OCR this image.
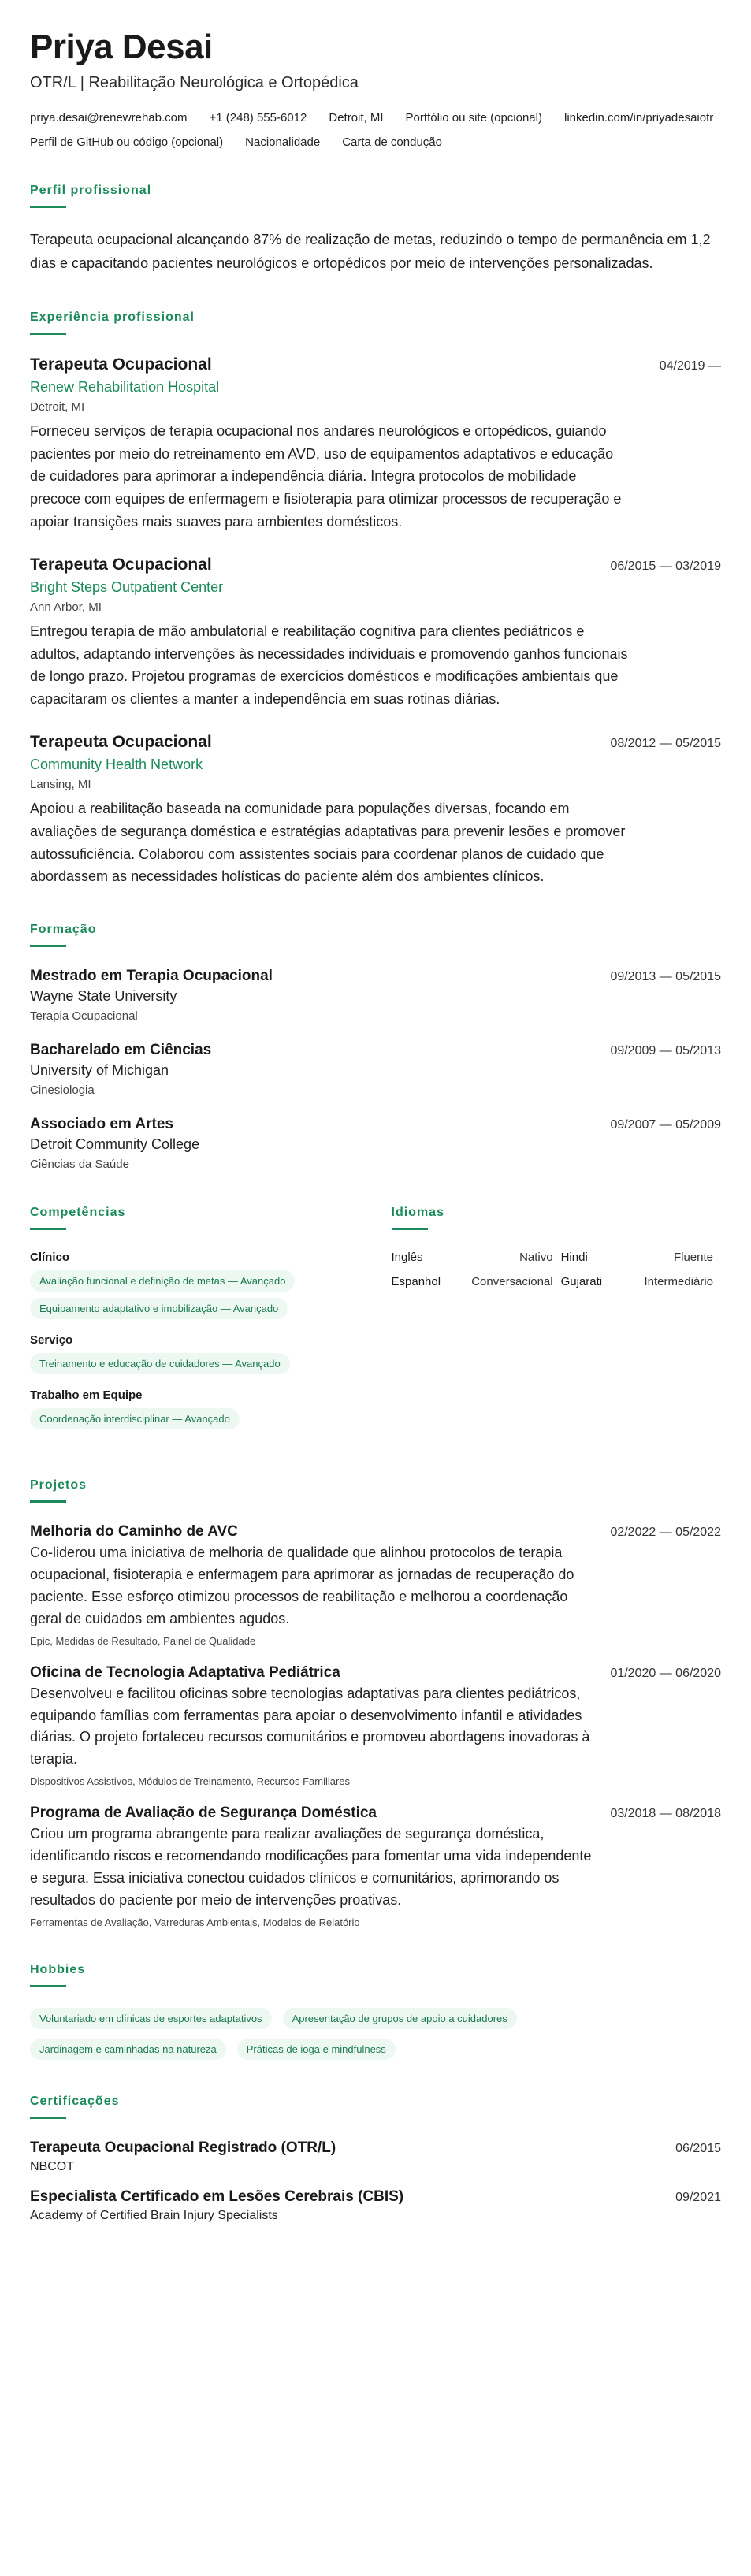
Priya Desai
OTR/L | Reabilitação Neurológica e Ortopédica
priya.desai@renewrehab.com +1 (248) 555-6012 Detroit, MI Portfólio ou site (opcional) linkedin.com/in/priyadesaiotr
Perfil de GitHub ou código (opcional) Nacionalidade Carta de condução
Perfil profissional
Terapeuta ocupacional alcançando 87% de realização de metas, reduzindo o tempo de permanência em 1,2 dias e capacitando pacientes neurológicos e ortopédicos por meio de intervenções personalizadas.
Experiência profissional
Terapeuta Ocupacional	04/2019 —
Renew Rehabilitation Hospital
Detroit, MI
Forneceu serviços de terapia ocupacional nos andares neurológicos e ortopédicos, guiando pacientes por meio do retreinamento em AVD, uso de equipamentos adaptativos e educação de cuidadores para aprimorar a independência diária. Integra protocolos de mobilidade precoce com equipes de enfermagem e fisioterapia para otimizar processos de recuperação e apoiar transições mais suaves para ambientes domésticos.
Terapeuta Ocupacional	06/2015 — 03/2019
Bright Steps Outpatient Center
Ann Arbor, MI
Entregou terapia de mão ambulatorial e reabilitação cognitiva para clientes pediátricos e adultos, adaptando intervenções às necessidades individuais e promovendo ganhos funcionais de longo prazo. Projetou programas de exercícios domésticos e modificações ambientais que capacitaram os clientes a manter a independência em suas rotinas diárias.
Terapeuta Ocupacional	08/2012 — 05/2015
Community Health Network
Lansing, MI
Apoiou a reabilitação baseada na comunidade para populações diversas, focando em avaliações de segurança doméstica e estratégias adaptativas para prevenir lesões e promover autossuficiência. Colaborou com assistentes sociais para coordenar planos de cuidado que abordassem as necessidades holísticas do paciente além dos ambientes clínicos.
Formação
Mestrado em Terapia Ocupacional	09/2013 — 05/2015
Wayne State University
Terapia Ocupacional
Bacharelado em Ciências	09/2009 — 05/2013
University of Michigan
Cinesiologia
Associado em Artes	09/2007 — 05/2009
Detroit Community College
Ciências da Saúde
Competências
Clínico
Avaliação funcional e definição de metas — Avançado
Equipamento adaptativo e imobilização — Avançado
Serviço
Treinamento e educação de cuidadores — Avançado
Trabalho em Equipe
Coordenação interdisciplinar — Avançado
Idiomas
Inglês	Nativo Hindi	Fluente
Espanhol	Conversacional Gujarati	Intermediário
Projetos
Melhoria do Caminho de AVC	02/2022 — 05/2022
Co-liderou uma iniciativa de melhoria de qualidade que alinhou protocolos de terapia ocupacional, fisioterapia e enfermagem para aprimorar as jornadas de recuperação do paciente. Esse esforço otimizou processos de reabilitação e melhorou a coordenação geral de cuidados em ambientes agudos.
Epic, Medidas de Resultado, Painel de Qualidade
Oficina de Tecnologia Adaptativa Pediátrica	01/2020 — 06/2020
Desenvolveu e facilitou oficinas sobre tecnologias adaptativas para clientes pediátricos, equipando famílias com ferramentas para apoiar o desenvolvimento infantil e atividades diárias. O projeto fortaleceu recursos comunitários e promoveu abordagens inovadoras à terapia.
Dispositivos Assistivos, Módulos de Treinamento, Recursos Familiares
Programa de Avaliação de Segurança Doméstica	03/2018 — 08/2018
Criou um programa abrangente para realizar avaliações de segurança doméstica, identificando riscos e recomendando modificações para fomentar uma vida independente e segura. Essa iniciativa conectou cuidados clínicos e comunitários, aprimorando os resultados do paciente por meio de intervenções proativas.
Ferramentas de Avaliação, Varreduras Ambientais, Modelos de Relatório
Hobbies
Voluntariado em clínicas de esportes adaptativos	Apresentação de grupos de apoio a cuidadores
Jardinagem e caminhadas na natureza	Práticas de ioga e mindfulness
Certificações
Terapeuta Ocupacional Registrado (OTR/L)	06/2015
NBCOT
Especialista Certificado em Lesões Cerebrais (CBIS)	09/2021
Academy of Certified Brain Injury Specialists
